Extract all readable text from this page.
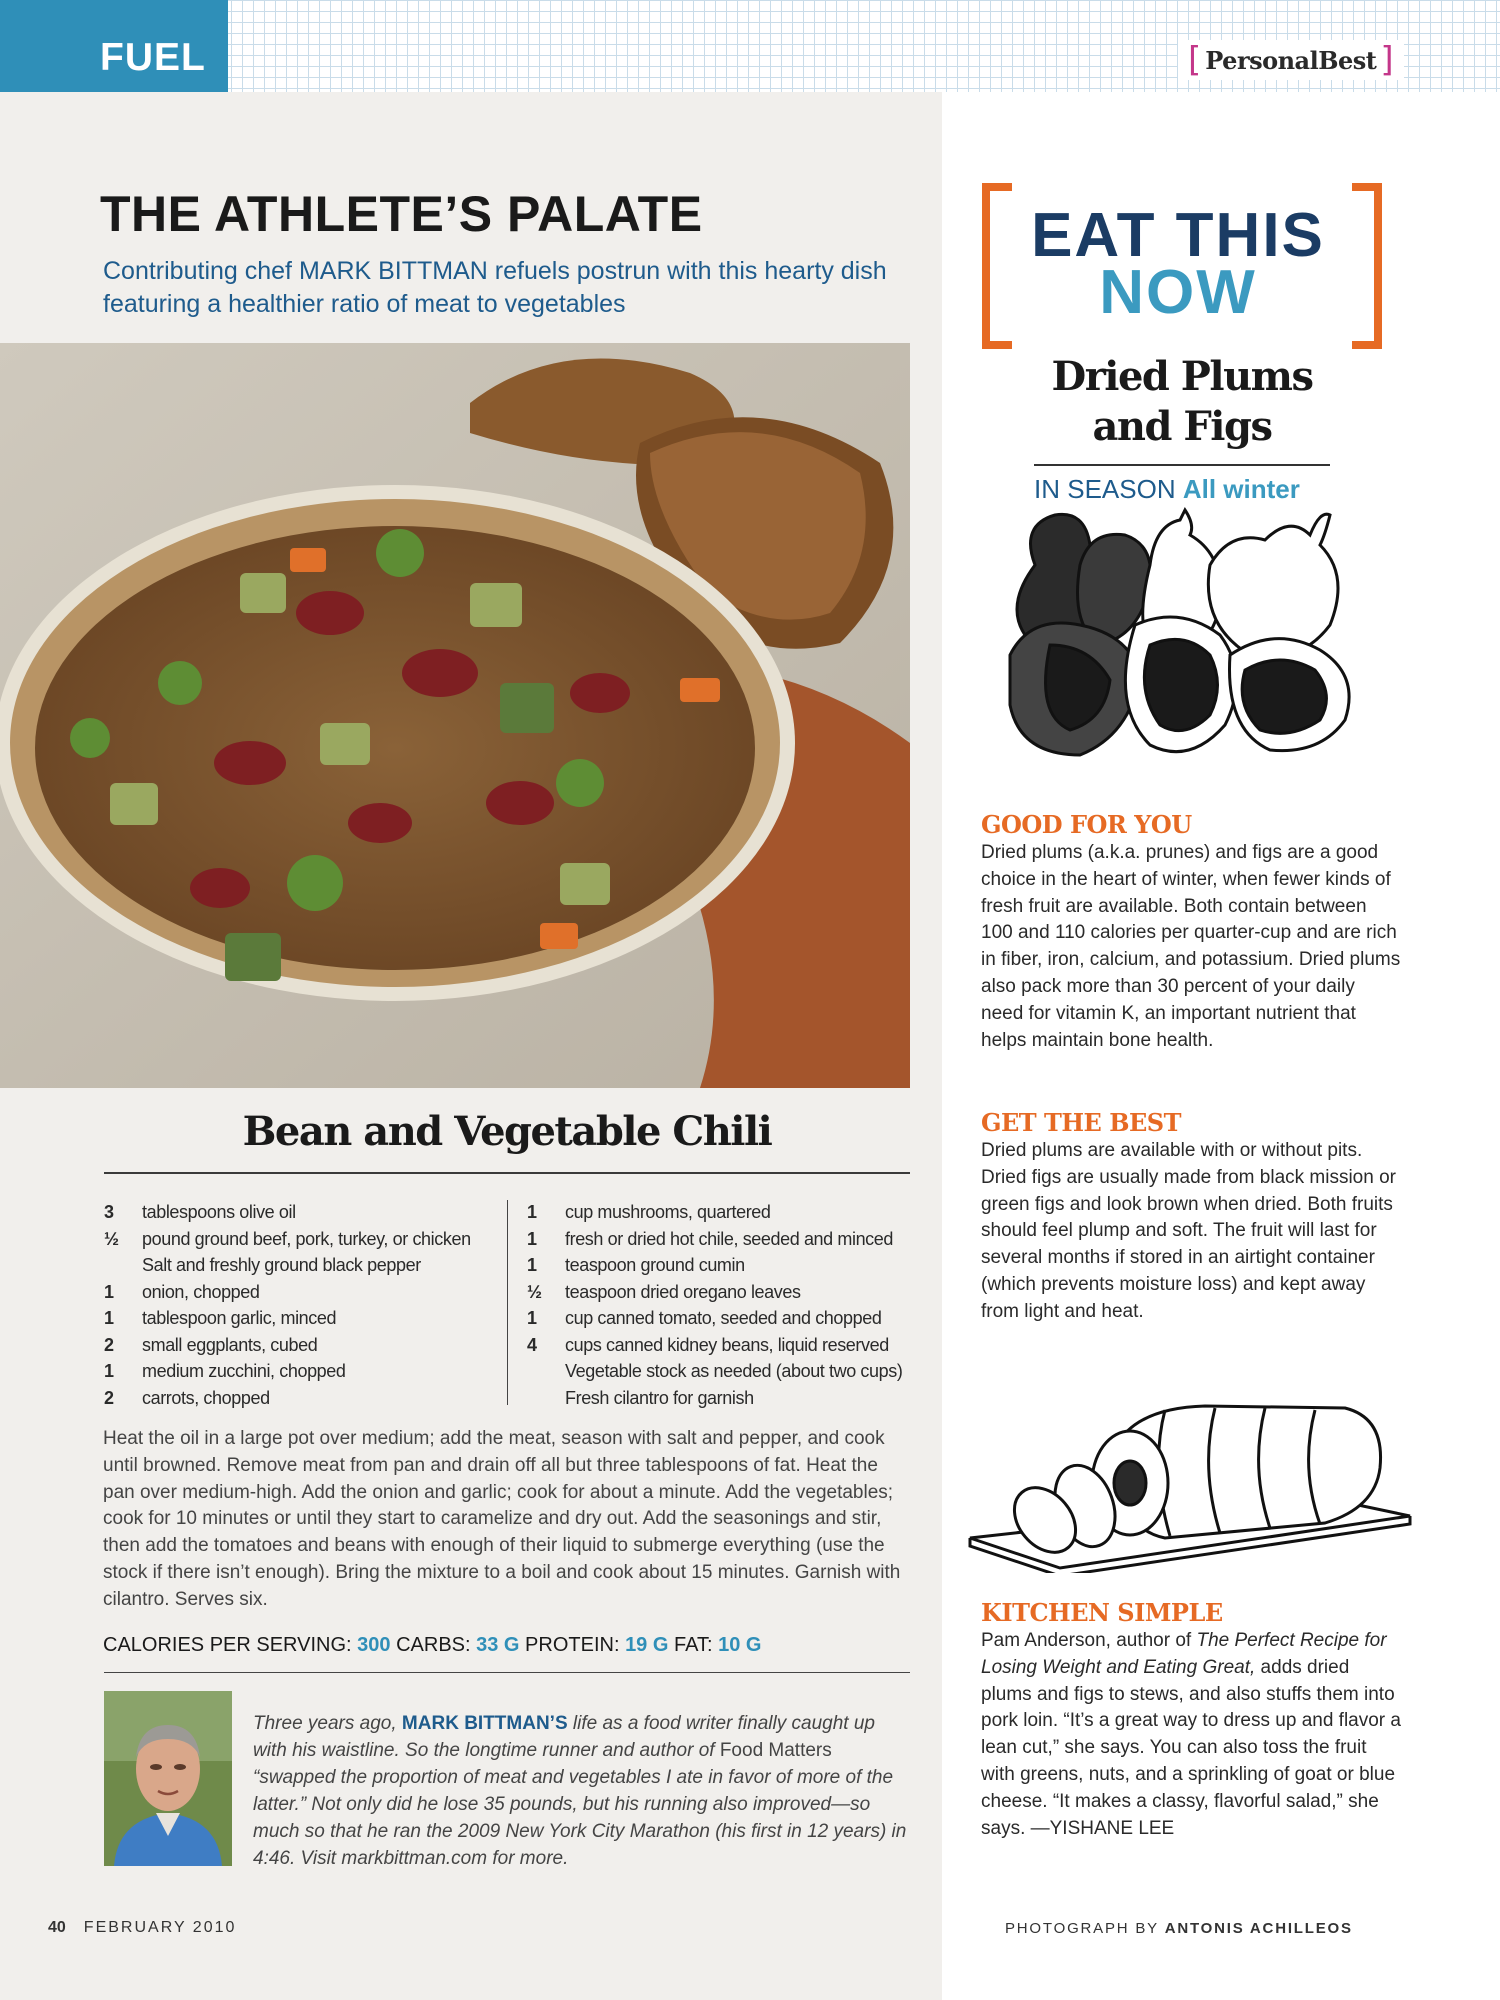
FUEL	[ PersonalBest ]
THE ATHLETE’S PALATE

Contributing chef MARK BITTMAN refuels postrun with this hearty dish featuring a healthier ratio of meat to vegetables

Bean and Vegetable Chili
3	tablespoons olive oil
½	pound ground beef, pork, turkey, or chicken
Salt and freshly ground black pepper
1	onion, chopped
1	tablespoon garlic, minced
2	small eggplants, cubed
1	medium zucchini, chopped
2	carrots, chopped
1	cup mushrooms, quartered
1	fresh or dried hot chile, seeded and minced
1	teaspoon ground cumin
½	teaspoon dried oregano leaves
1	cup canned tomato, seeded and chopped
4	cups canned kidney beans, liquid reserved
Vegetable stock as needed (about two cups)
Fresh cilantro for garnish

Heat the oil in a large pot over medium; add the meat, season with salt and pepper, and cook until browned. Remove meat from pan and drain off all but three tablespoons of fat. Heat the pan over medium-high. Add the onion and garlic; cook for about a minute. Add the vegetables; cook for 10 minutes or until they start to caramelize and dry out. Add the seasonings and stir, then add the tomatoes and beans with enough of their liquid to submerge everything (use the stock if there isn’t enough). Bring the mixture to a boil and cook about 15 minutes. Garnish with cilantro. Serves six.

CALORIES PER SERVING: 300 CARBS: 33 G PROTEIN: 19 G FAT: 10 G

Three years ago, MARK BITTMAN’S life as a food writer finally caught up with his waistline. So the longtime runner and author of Food Matters “swapped the proportion of meat and vegetables I ate in favor of more of the latter.” Not only did he lose 35 pounds, but his running also improved—so much so that he ran the 2009 New York City Marathon (his first in 12 years) in 4:46. Visit markbittman.com for more.

EAT THIS
NOW
Dried Plums
and Figs
IN SEASON All winter
GOOD FOR YOU

Dried plums (a.k.a. prunes) and figs are a good choice in the heart of winter, when fewer kinds of fresh fruit are available. Both contain between 100 and 110 calories per quarter-cup and are rich in fiber, iron, calcium, and potassium. Dried plums also pack more than 30 percent of your daily need for vitamin K, an important nutrient that helps maintain bone health.

GET THE BEST

Dried plums are available with or without pits. Dried figs are usually made from black mission or green figs and look brown when dried. Both fruits should feel plump and soft. The fruit will last for several months if stored in an airtight container (which prevents moisture loss) and kept away from light and heat.

KITCHEN SIMPLE

Pam Anderson, author of The Perfect Recipe for Losing Weight and Eating Great, adds dried plums and figs to stews, and also stuffs them into pork loin. “It’s a great way to dress up and flavor a lean cut,” she says. You can also toss the fruit with greens, nuts, and a sprinkling of goat or blue cheese. “It makes a classy, flavorful salad,” she says. —YISHANE LEE

40 FEBRUARY 2010	PHOTOGRAPH BY ANTONIS ACHILLEOS
